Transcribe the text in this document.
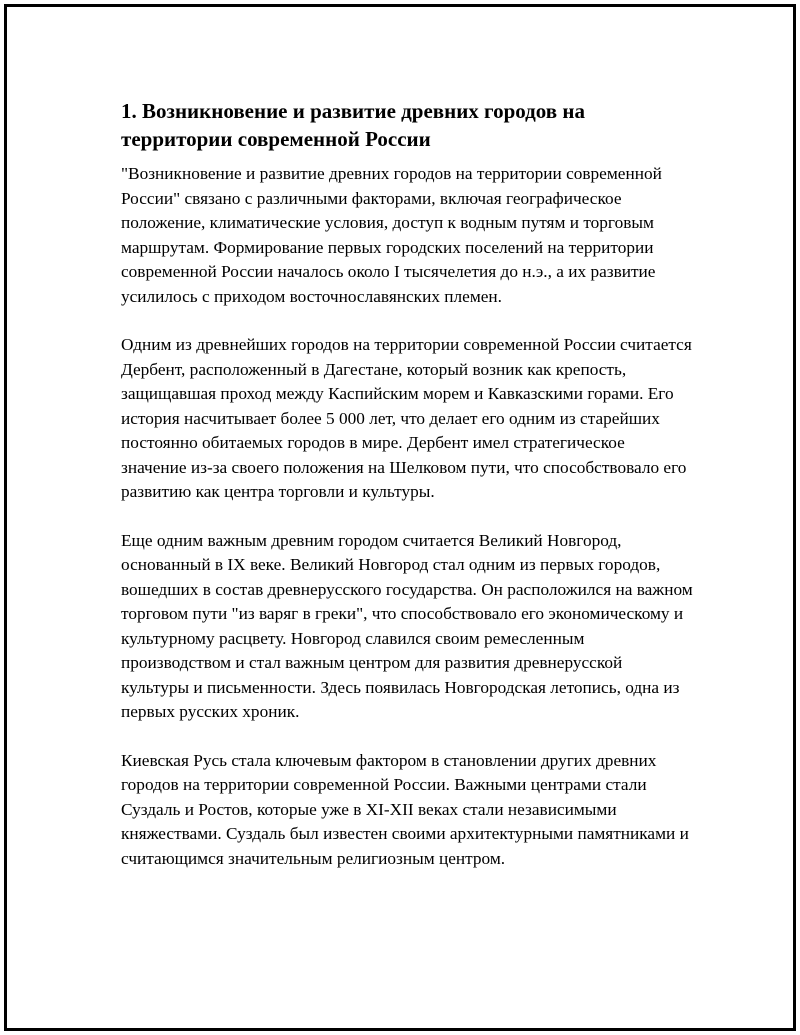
1. Возникновение и развитие древних городов на территории современной России

"Возникновение и развитие древних городов на территории современной России" связано с различными факторами, включая географическое положение, климатические условия, доступ к водным путям и торговым маршрутам. Формирование первых городских поселений на территории современной России началось около I тысячелетия до н.э., а их развитие усилилось с приходом восточнославянских племен.

Одним из древнейших городов на территории современной России считается Дербент, расположенный в Дагестане, который возник как крепость, защищавшая проход между Каспийским морем и Кавказскими горами. Его история насчитывает более 5 000 лет, что делает его одним из старейших постоянно обитаемых городов в мире. Дербент имел стратегическое значение из-за своего положения на Шелковом пути, что способствовало его развитию как центра торговли и культуры.

Еще одним важным древним городом считается Великий Новгород, основанный в IX веке. Великий Новгород стал одним из первых городов, вошедших в состав древнерусского государства. Он расположился на важном торговом пути "из варяг в греки", что способствовало его экономическому и культурному расцвету. Новгород славился своим ремесленным производством и стал важным центром для развития древнерусской культуры и письменности. Здесь появилась Новгородская летопись, одна из первых русских хроник.

Киевская Русь стала ключевым фактором в становлении других древних городов на территории современной России. Важными центрами стали Суздаль и Ростов, которые уже в XI-XII веках стали независимыми княжествами. Суздаль был известен своими архитектурными памятниками и считающимся значительным религиозным центром.
